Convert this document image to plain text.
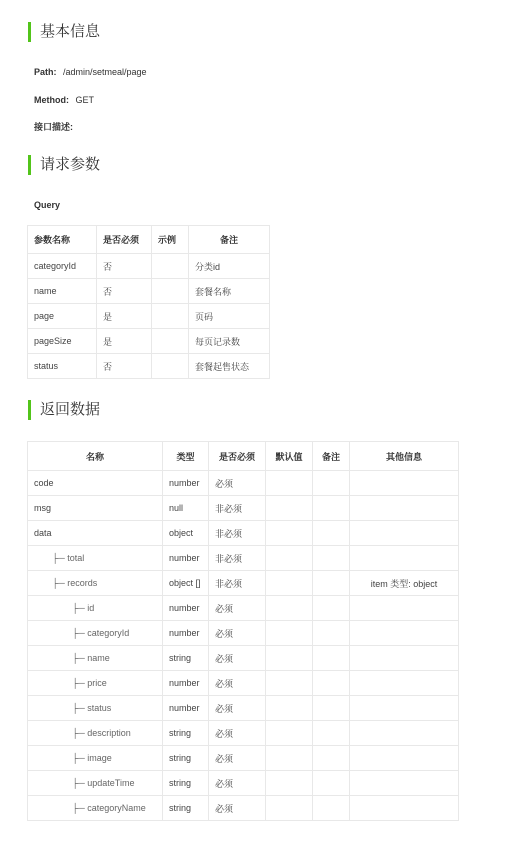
基本信息
Path: /admin/setmeal/page
Method: GET
接口描述:
请求参数
Query
参数名称	是否必须	示例	备注
categoryId	否		分类id
name	否		套餐名称
page	是		页码
pageSize	是		每页记录数
status	否		套餐起售状态
返回数据
名称	类型	是否必须	默认值	备注	其他信息
code	number	必须			
msg	null	非必须			
data	object	非必须			
├─ total	number	非必须			
├─ records	object []	非必须			item 类型: object
├─ id	number	必须			
├─ categoryId	number	必须			
├─ name	string	必须			
├─ price	number	必须			
├─ status	number	必须			
├─ description	string	必须			
├─ image	string	必须			
├─ updateTime	string	必须			
├─ categoryName	string	必须			
